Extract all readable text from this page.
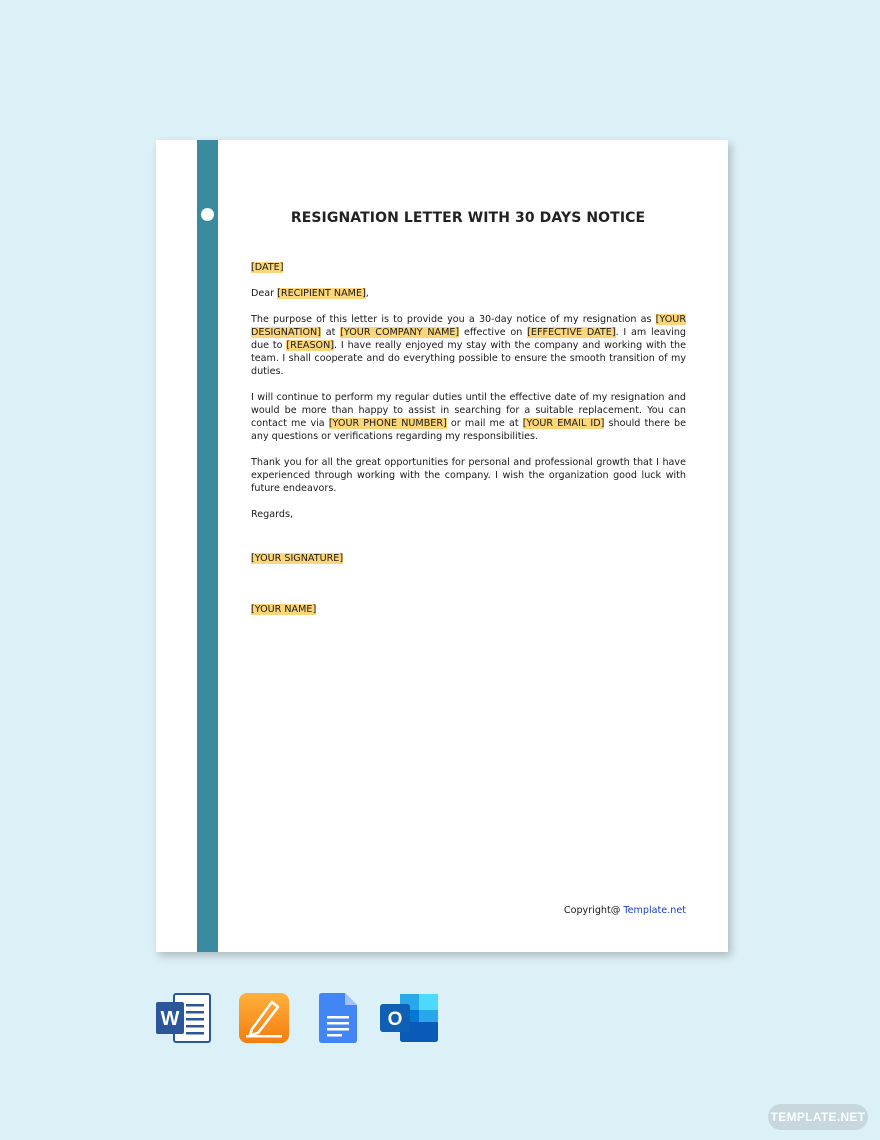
RESIGNATION LETTER WITH 30 DAYS NOTICE

[DATE]

Dear [RECIPIENT NAME],

The purpose of this letter is to provide you a 30-day notice of my resignation as [YOUR DESIGNATION] at [YOUR COMPANY NAME] effective on [EFFECTIVE DATE]. I am leaving due to [REASON]. I have really enjoyed my stay with the company and working with the team. I shall cooperate and do everything possible to ensure the smooth transition of my duties.

I will continue to perform my regular duties until the effective date of my resignation and would be more than happy to assist in searching for a suitable replacement. You can contact me via [YOUR PHONE NUMBER] or mail me at [YOUR EMAIL ID] should there be any questions or verifications regarding my responsibilities.

Thank you for all the great opportunities for personal and professional growth that I have experienced through working with the company. I wish the organization good luck with future endeavors.

Regards,

[YOUR SIGNATURE]

[YOUR NAME]

Copyright@ Template.net
W	O
TEMPLATE.NET
